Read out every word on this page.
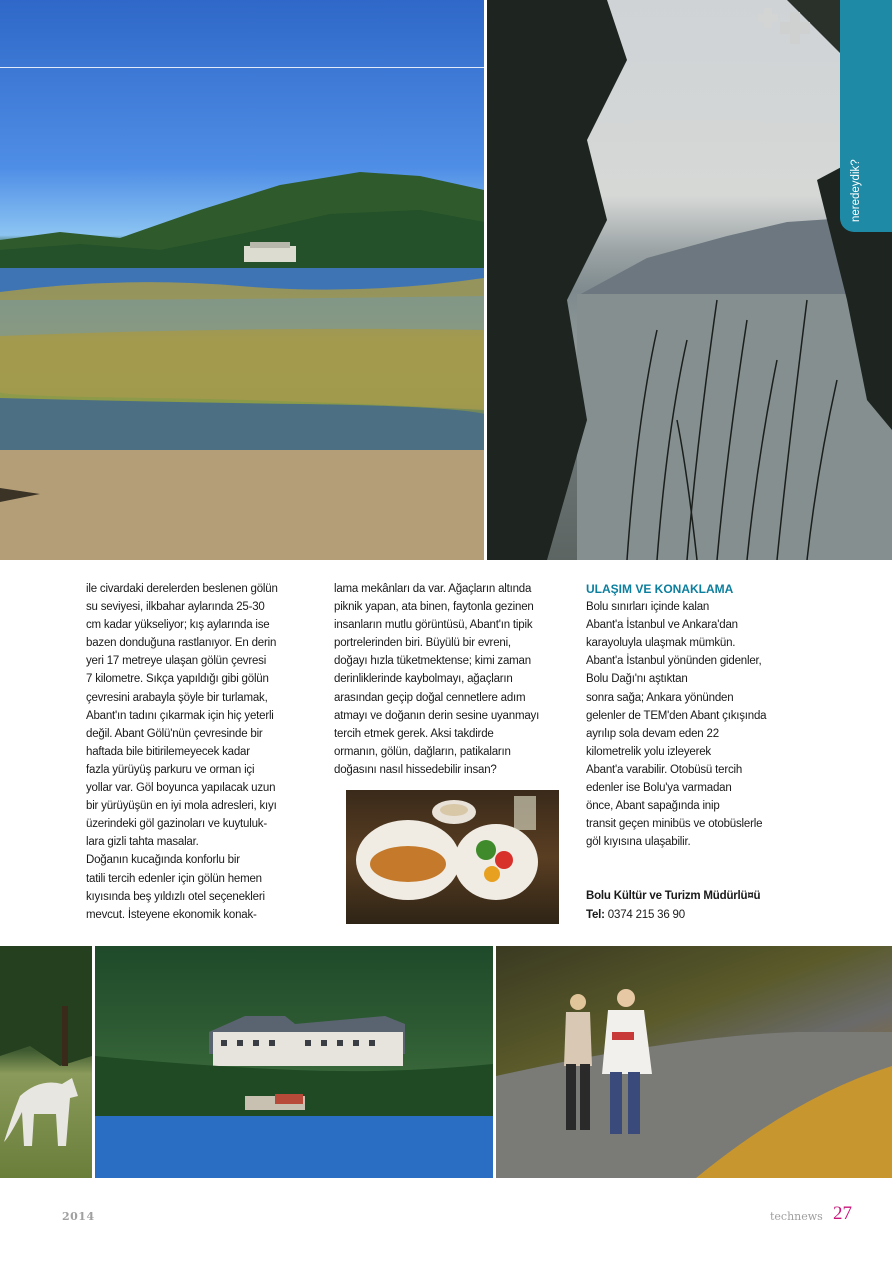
neredeydik?

ile civardaki derelerden beslenen gölün

su seviyesi, ilkbahar aylarında 25-30

cm kadar yükseliyor; kış aylarında ise

bazen donduğuna rastlanıyor. En derin

yeri 17 metreye ulaşan gölün çevresi

7 kilometre. Sıkça yapıldığı gibi gölün

çevresini arabayla şöyle bir turlamak,

Abant'ın tadını çıkarmak için hiç yeterli

değil. Abant Gölü'nün çevresinde bir

haftada bile bitirilemeyecek kadar

fazla yürüyüş parkuru ve orman içi

yollar var. Göl boyunca yapılacak uzun

bir yürüyüşün en iyi mola adresleri, kıyı

üzerindeki göl gazinoları ve kuytuluk-

lara gizli tahta masalar.

Doğanın kucağında konforlu bir

tatili tercih edenler için gölün hemen

kıyısında beş yıldızlı otel seçenekleri

mevcut. İsteyene ekonomik konak-

lama mekânları da var. Ağaçların altında

piknik yapan, ata binen, faytonla gezinen

insanların mutlu görüntüsü, Abant'ın tipik

portrelerinden biri. Büyülü bir evreni,

doğayı hızla tüketmektense; kimi zaman

derinliklerinde kaybolmayı, ağaçların

arasından geçip doğal cennetlere adım

atmayı ve doğanın derin sesine uyanmayı

tercih etmek gerek. Aksi takdirde

ormanın, gölün, dağların, patikaların

doğasını nasıl hissedebilir insan?

ULAŞIM VE KONAKLAMA

Bolu sınırları içinde kalan

Abant'a İstanbul ve Ankara'dan

karayoluyla ulaşmak mümkün.

Abant'a İstanbul yönünden gidenler,

Bolu Dağı'nı aştıktan

sonra sağa; Ankara yönünden

gelenler de TEM'den Abant çıkışında

ayrılıp sola devam eden 22

kilometrelik yolu izleyerek

Abant'a varabilir. Otobüsü tercih

edenler ise Bolu'ya varmadan

önce, Abant sapağında inip

transit geçen minibüs ve otobüslerle

göl kıyısına ulaşabilir.

Bolu Kültür ve Turizm Müdürlü¤ü

Tel: 0374 215 36 90

2014	technews 27
